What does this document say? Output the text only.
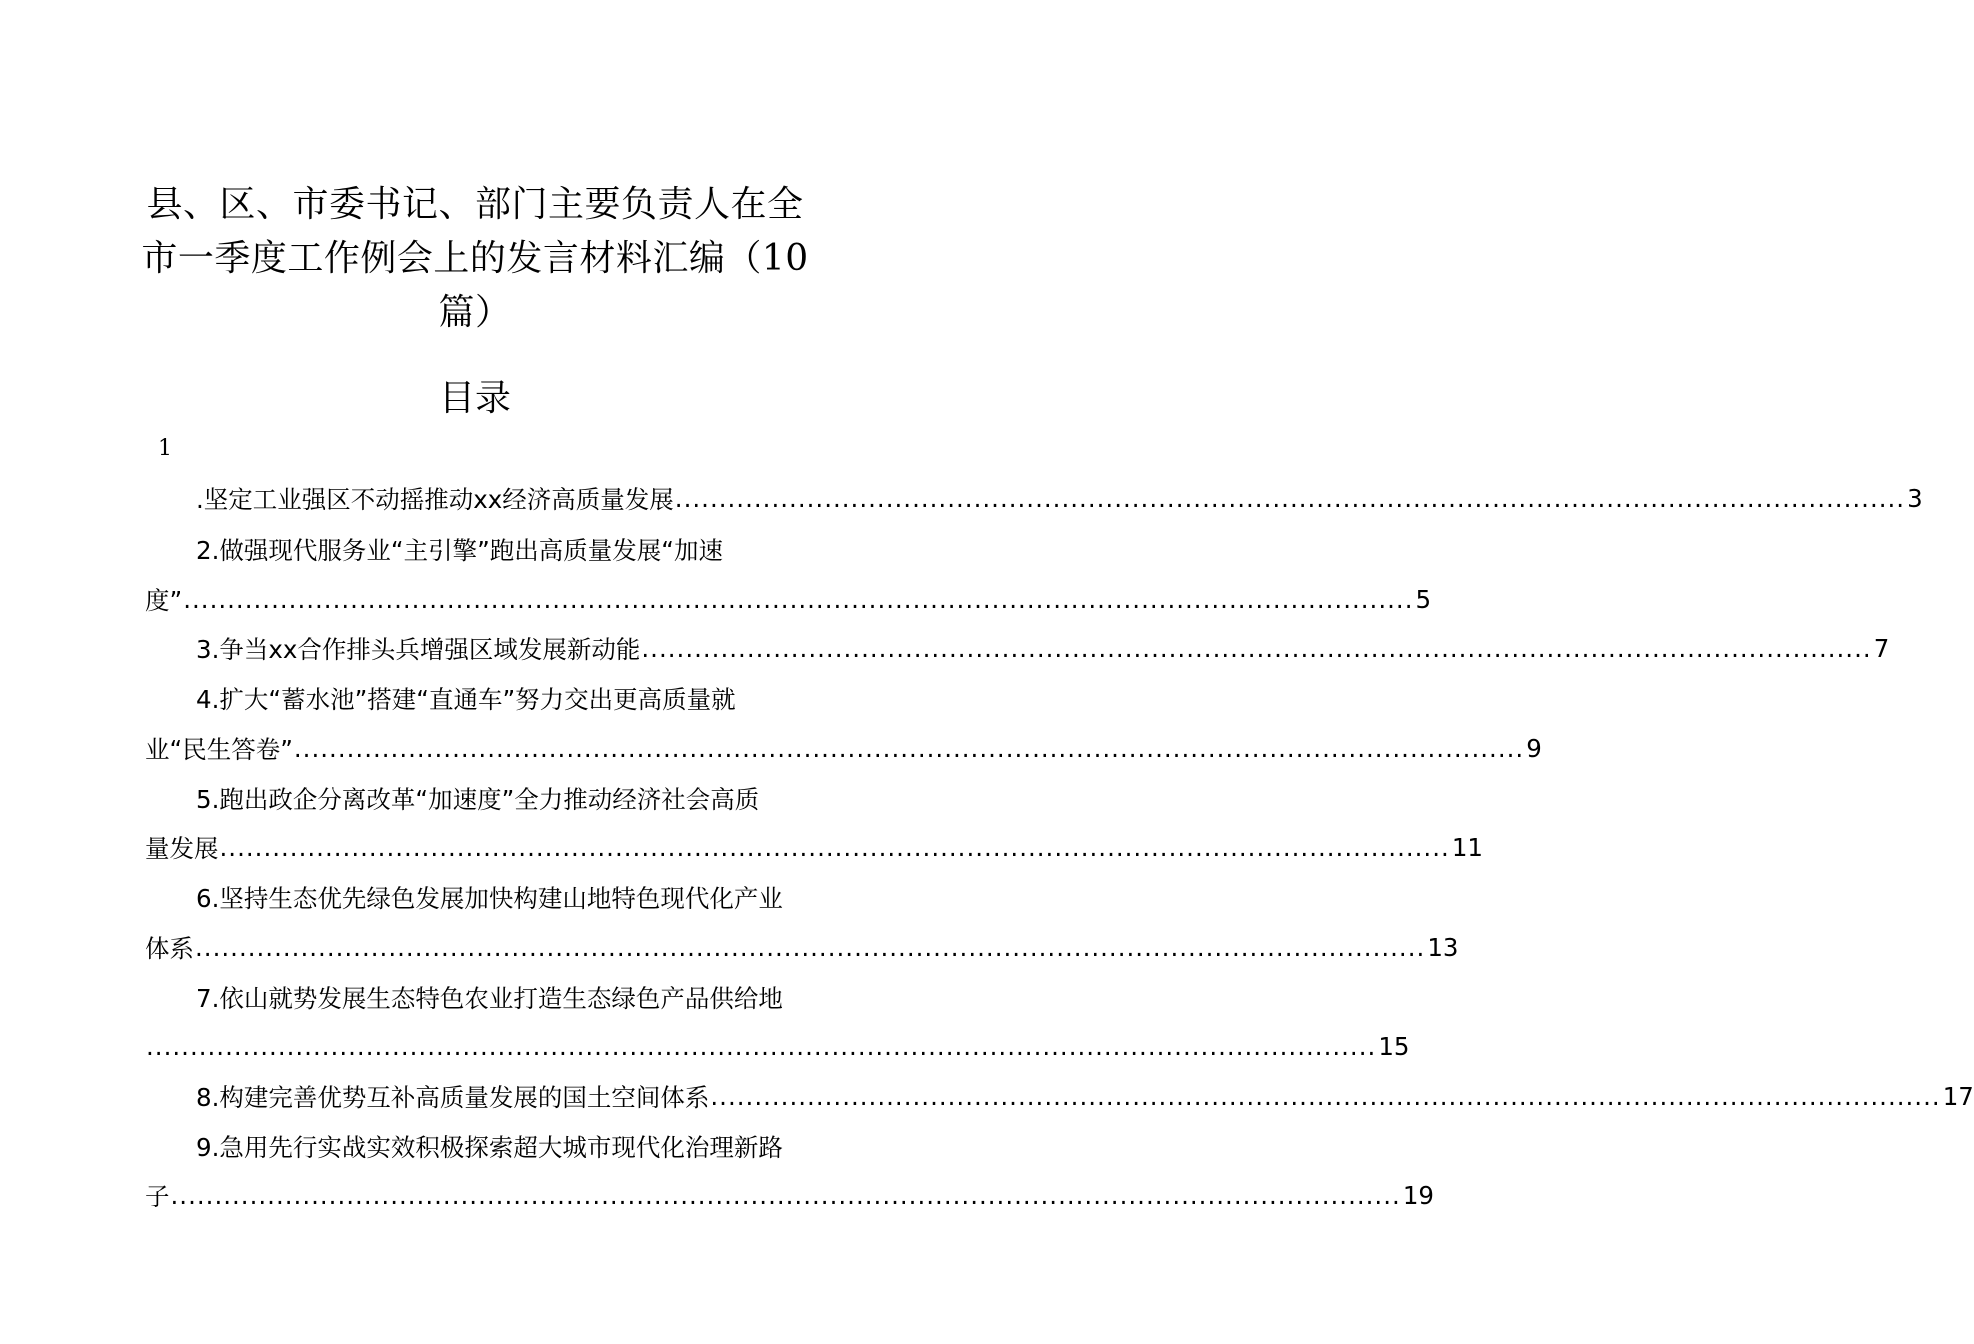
县、区、市委书记、部门主要负责人在全市一季度工作例会上的发言材料汇编（10
篇）
目录
1
.坚定工业强区不动摇推动xx经济高质量发展 ............................................................................................................................................ 3
2.做强现代服务业“主引擎”跑出高质量发展“加速
度” ............................................................................................................................................ 5
3.争当xx合作排头兵增强区域发展新动能 ............................................................................................................................................ 7
4.扩大“蓄水池”搭建“直通车”努力交出更高质量就
业“民生答卷” ............................................................................................................................................ 9
5.跑出政企分离改革“加速度”全力推动经济社会高质
量发展 ............................................................................................................................................ 11
6.坚持生态优先绿色发展加快构建山地特色现代化产业
体系 ............................................................................................................................................ 13
7.依山就势发展生态特色农业打造生态绿色产品供给地
............................................................................................................................................ 15
8.构建完善优势互补高质量发展的国土空间体系 ............................................................................................................................................ 17
9.急用先行实战实效积极探索超大城市现代化治理新路
子 ............................................................................................................................................ 19
